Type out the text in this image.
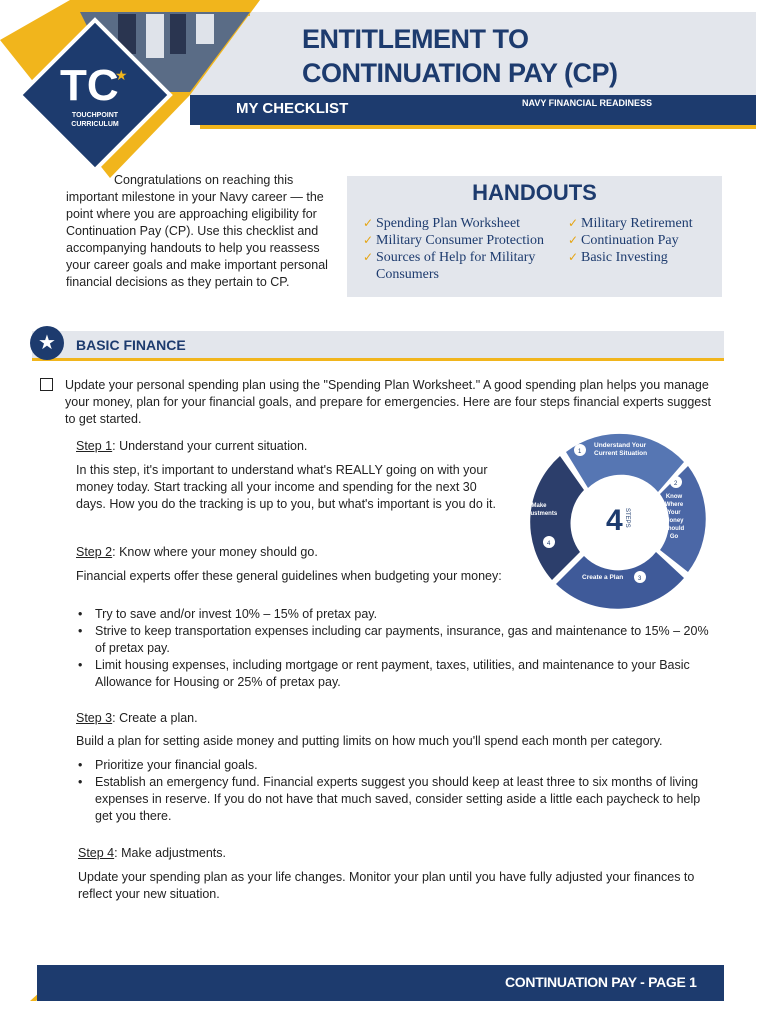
ENTITLEMENT TO
CONTINUATION PAY (CP)
MY CHECKLIST	NAVY FINANCIAL READINESS
TC
★
TOUCHPOINT
CURRICULUM

Congratulations on reaching this important milestone in your Navy career — the point where you are approaching eligibility for Continuation Pay (CP). Use this checklist and accompanying handouts to help you reassess your career goals and make important personal financial decisions as they pertain to CP.

HANDOUTS
✓ Spending Plan Worksheet
✓ Military Consumer Protection
✓ Sources of Help for Military Consumers
✓ Military Retirement
✓ Continuation Pay
✓ Basic Investing
★	BASIC FINANCE
Update your personal spending plan using the "Spending Plan Worksheet." A good spending plan helps you manage your money, plan for your financial goals, and prepare for emergencies. Here are four steps financial experts suggest to get started.
Step 1: Understand your current situation.
In this step, it's important to understand what's REALLY going on with your money today. Start tracking all your income and spending for the next 30 days. How you do the tracking is up to you, but what's important is you do it.
Step 2: Know where your money should go.
Financial experts offer these general guidelines when budgeting your money:
• Try to save and/or invest 10% – 15% of pretax pay.
• Strive to keep transportation expenses including car payments, insurance, gas and maintenance to 15% – 20% of pretax pay.
• Limit housing expenses, including mortgage or rent payment, taxes, utilities, and maintenance to your Basic Allowance for Housing or 25% of pretax pay.
Step 3: Create a plan.
Build a plan for setting aside money and putting limits on how much you'll spend each month per category.
• Prioritize your financial goals.
• Establish an emergency fund. Financial experts suggest you should keep at least three to six months of living expenses in reserve. If you do not have that much saved, consider setting aside a little each paycheck to help get you there.
Step 4: Make adjustments.
Update your spending plan as your life changes. Monitor your plan until you have fully adjusted your finances to reflect your new situation.
4 STEPS
1
Understand Your
Current Situation
2
Know
Where
Your
Money
Should
Go
Create a Plan 3
Make
Adjustments
4
CONTINUATION PAY - PAGE 1
